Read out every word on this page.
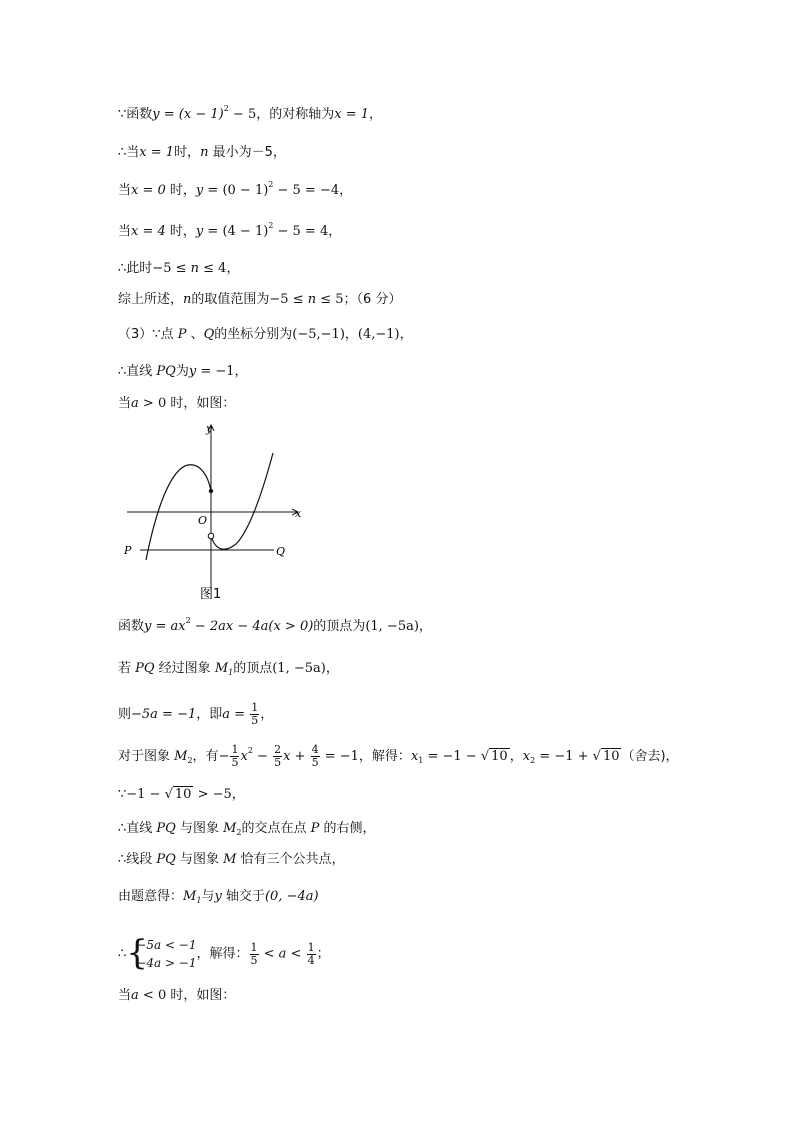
∵函数$y = (x - 1)^2 - 5$，的对称轴为x = 1，
∴当x = 1时，n 最小为－5，
当x = 0 时，$y = (0 - 1)^2 - 5 = -4$，
当x = 4 时，$y = (4 - 1)^2 - 5 = 4$，
∴此时−5 ≤ n ≤ 4，
综上所述，n的取值范围为−5 ≤ n ≤ 5；（6 分）
（3）∵点 P 、Q的坐标分别为(−5,−1)，(4,−1)，
∴直线 PQ为y = −1，
当a > 0 时，如图：
y
x
O
P	Q
图1
函数$y = ax^2 - 2ax - 4a(x > 0)$的顶点为(1, −5a)，
若 PQ 经过图象 $M_1$的顶点(1, −5a)，
则−5a = −1，即$a = \frac{1}{5}$ ，
对于图象 $M_2$，有− $\frac{1}{5} x^2 - \frac{2}{5}$ $x + \frac{4}{5} = -1$，解得：$x_1 = -1$ − √ 10 ，$x_2 = -1$ + √ 10 （舍去)，
∵−1 − √ 10 > −5，
∴直线 PQ 与图象 $M_2$的交点在点 P 的右侧，
∴线段 PQ 与图象 M 恰有三个公共点，
由题意得：$M_1$与y 轴交于(0, −4a)
∴ {
−5a < −1
−4a > −1
，解得： $\frac{1}{5} < a < \frac{1}{4}$ ；
当a < 0 时，如图：
